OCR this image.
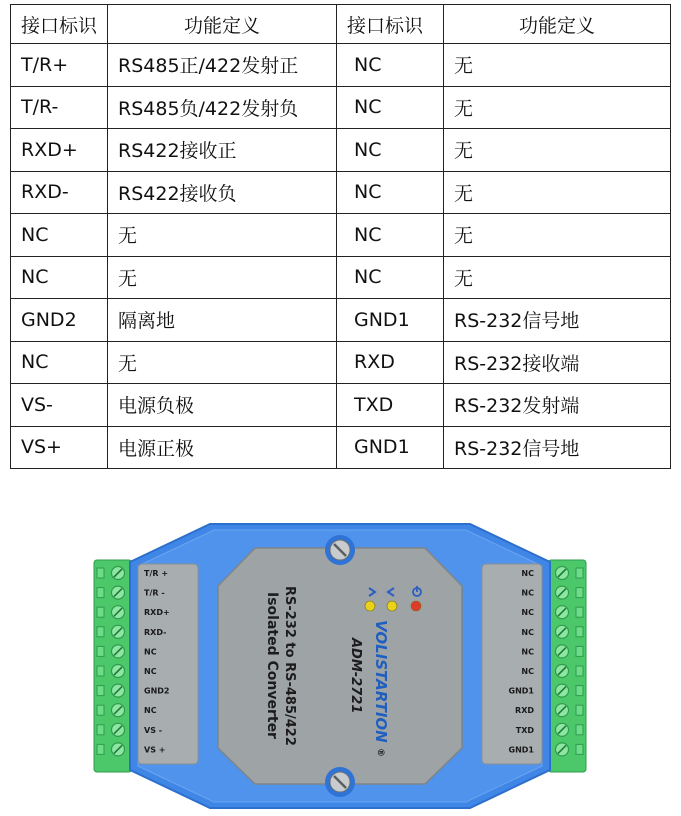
接口标识	功能定义	接口标识	功能定义
T/R+	RS485正/422发射正	NC	无
T/R-	RS485负/422发射负	NC	无
RXD+	RS422接收正	NC	无
RXD-	RS422接收负	NC	无
NC	无	NC	无
NC	无	NC	无
GND2	隔离地	GND1	RS-232信号地
NC	无	RXD	RS-232接收端
VS-	电源负极	TXD	RS-232发射端
VS+	电源正极	GND1	RS-232信号地
RS-232 to RS-485/422
Isolated Converter	VOLISTARTION
ADM-2721
®
T/R +
T/R -
RXD+
RXD-
NC
NC
GND2
NC
VS -
VS +
NC
NC
NC
NC
NC
NC
GND1
RXD
TXD
GND1
